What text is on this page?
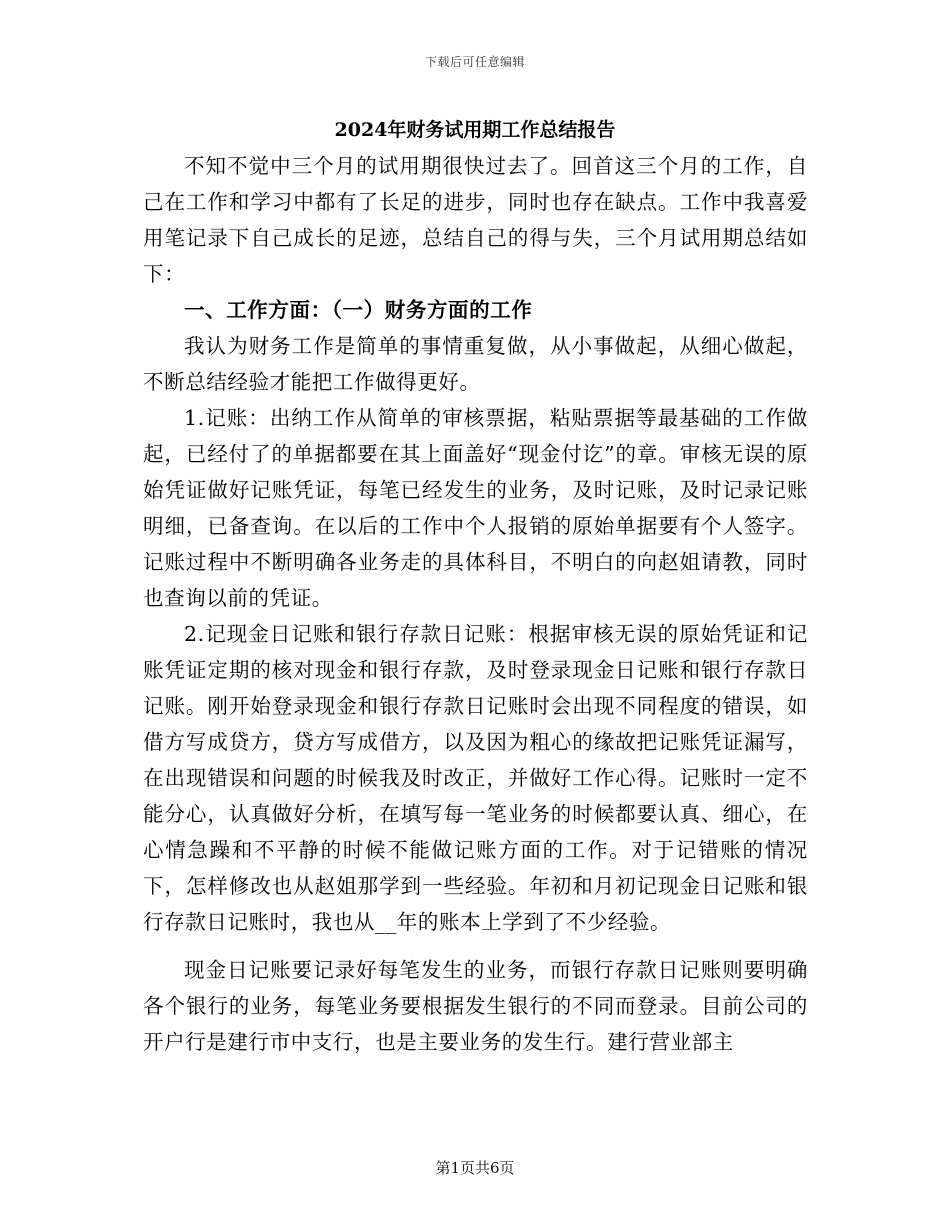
下载后可任意编辑
2024年财务试用期工作总结报告

不知不觉中三个月的试用期很快过去了。回首这三个月的工作，自己在工作和学习中都有了长足的进步，同时也存在缺点。工作中我喜爱用笔记录下自己成长的足迹，总结自己的得与失，三个月试用期总结如下：

一、工作方面：（一）财务方面的工作

我认为财务工作是简单的事情重复做，从小事做起，从细心做起，不断总结经验才能把工作做得更好。

1.记账：出纳工作从简单的审核票据，粘贴票据等最基础的工作做起，已经付了的单据都要在其上面盖好“现金付讫”的章。审核无误的原始凭证做好记账凭证，每笔已经发生的业务，及时记账，及时记录记账明细，已备查询。在以后的工作中个人报销的原始单据要有个人签字。记账过程中不断明确各业务走的具体科目，不明白的向赵姐请教，同时也查询以前的凭证。

2.记现金日记账和银行存款日记账：根据审核无误的原始凭证和记账凭证定期的核对现金和银行存款，及时登录现金日记账和银行存款日记账。刚开始登录现金和银行存款日记账时会出现不同程度的错误，如借方写成贷方，贷方写成借方，以及因为粗心的缘故把记账凭证漏写，在出现错误和问题的时候我及时改正，并做好工作心得。记账时一定不能分心，认真做好分析，在填写每一笔业务的时候都要认真、细心，在心情急躁和不平静的时候不能做记账方面的工作。对于记错账的情况下，怎样修改也从赵姐那学到一些经验。年初和月初记现金日记账和银行存款日记账时，我也从__年的账本上学到了不少经验。

现金日记账要记录好每笔发生的业务，而银行存款日记账则要明确各个银行的业务，每笔业务要根据发生银行的不同而登录。目前公司的开户行是建行市中支行，也是主要业务的发生行。建行营业部主

第1页共6页
